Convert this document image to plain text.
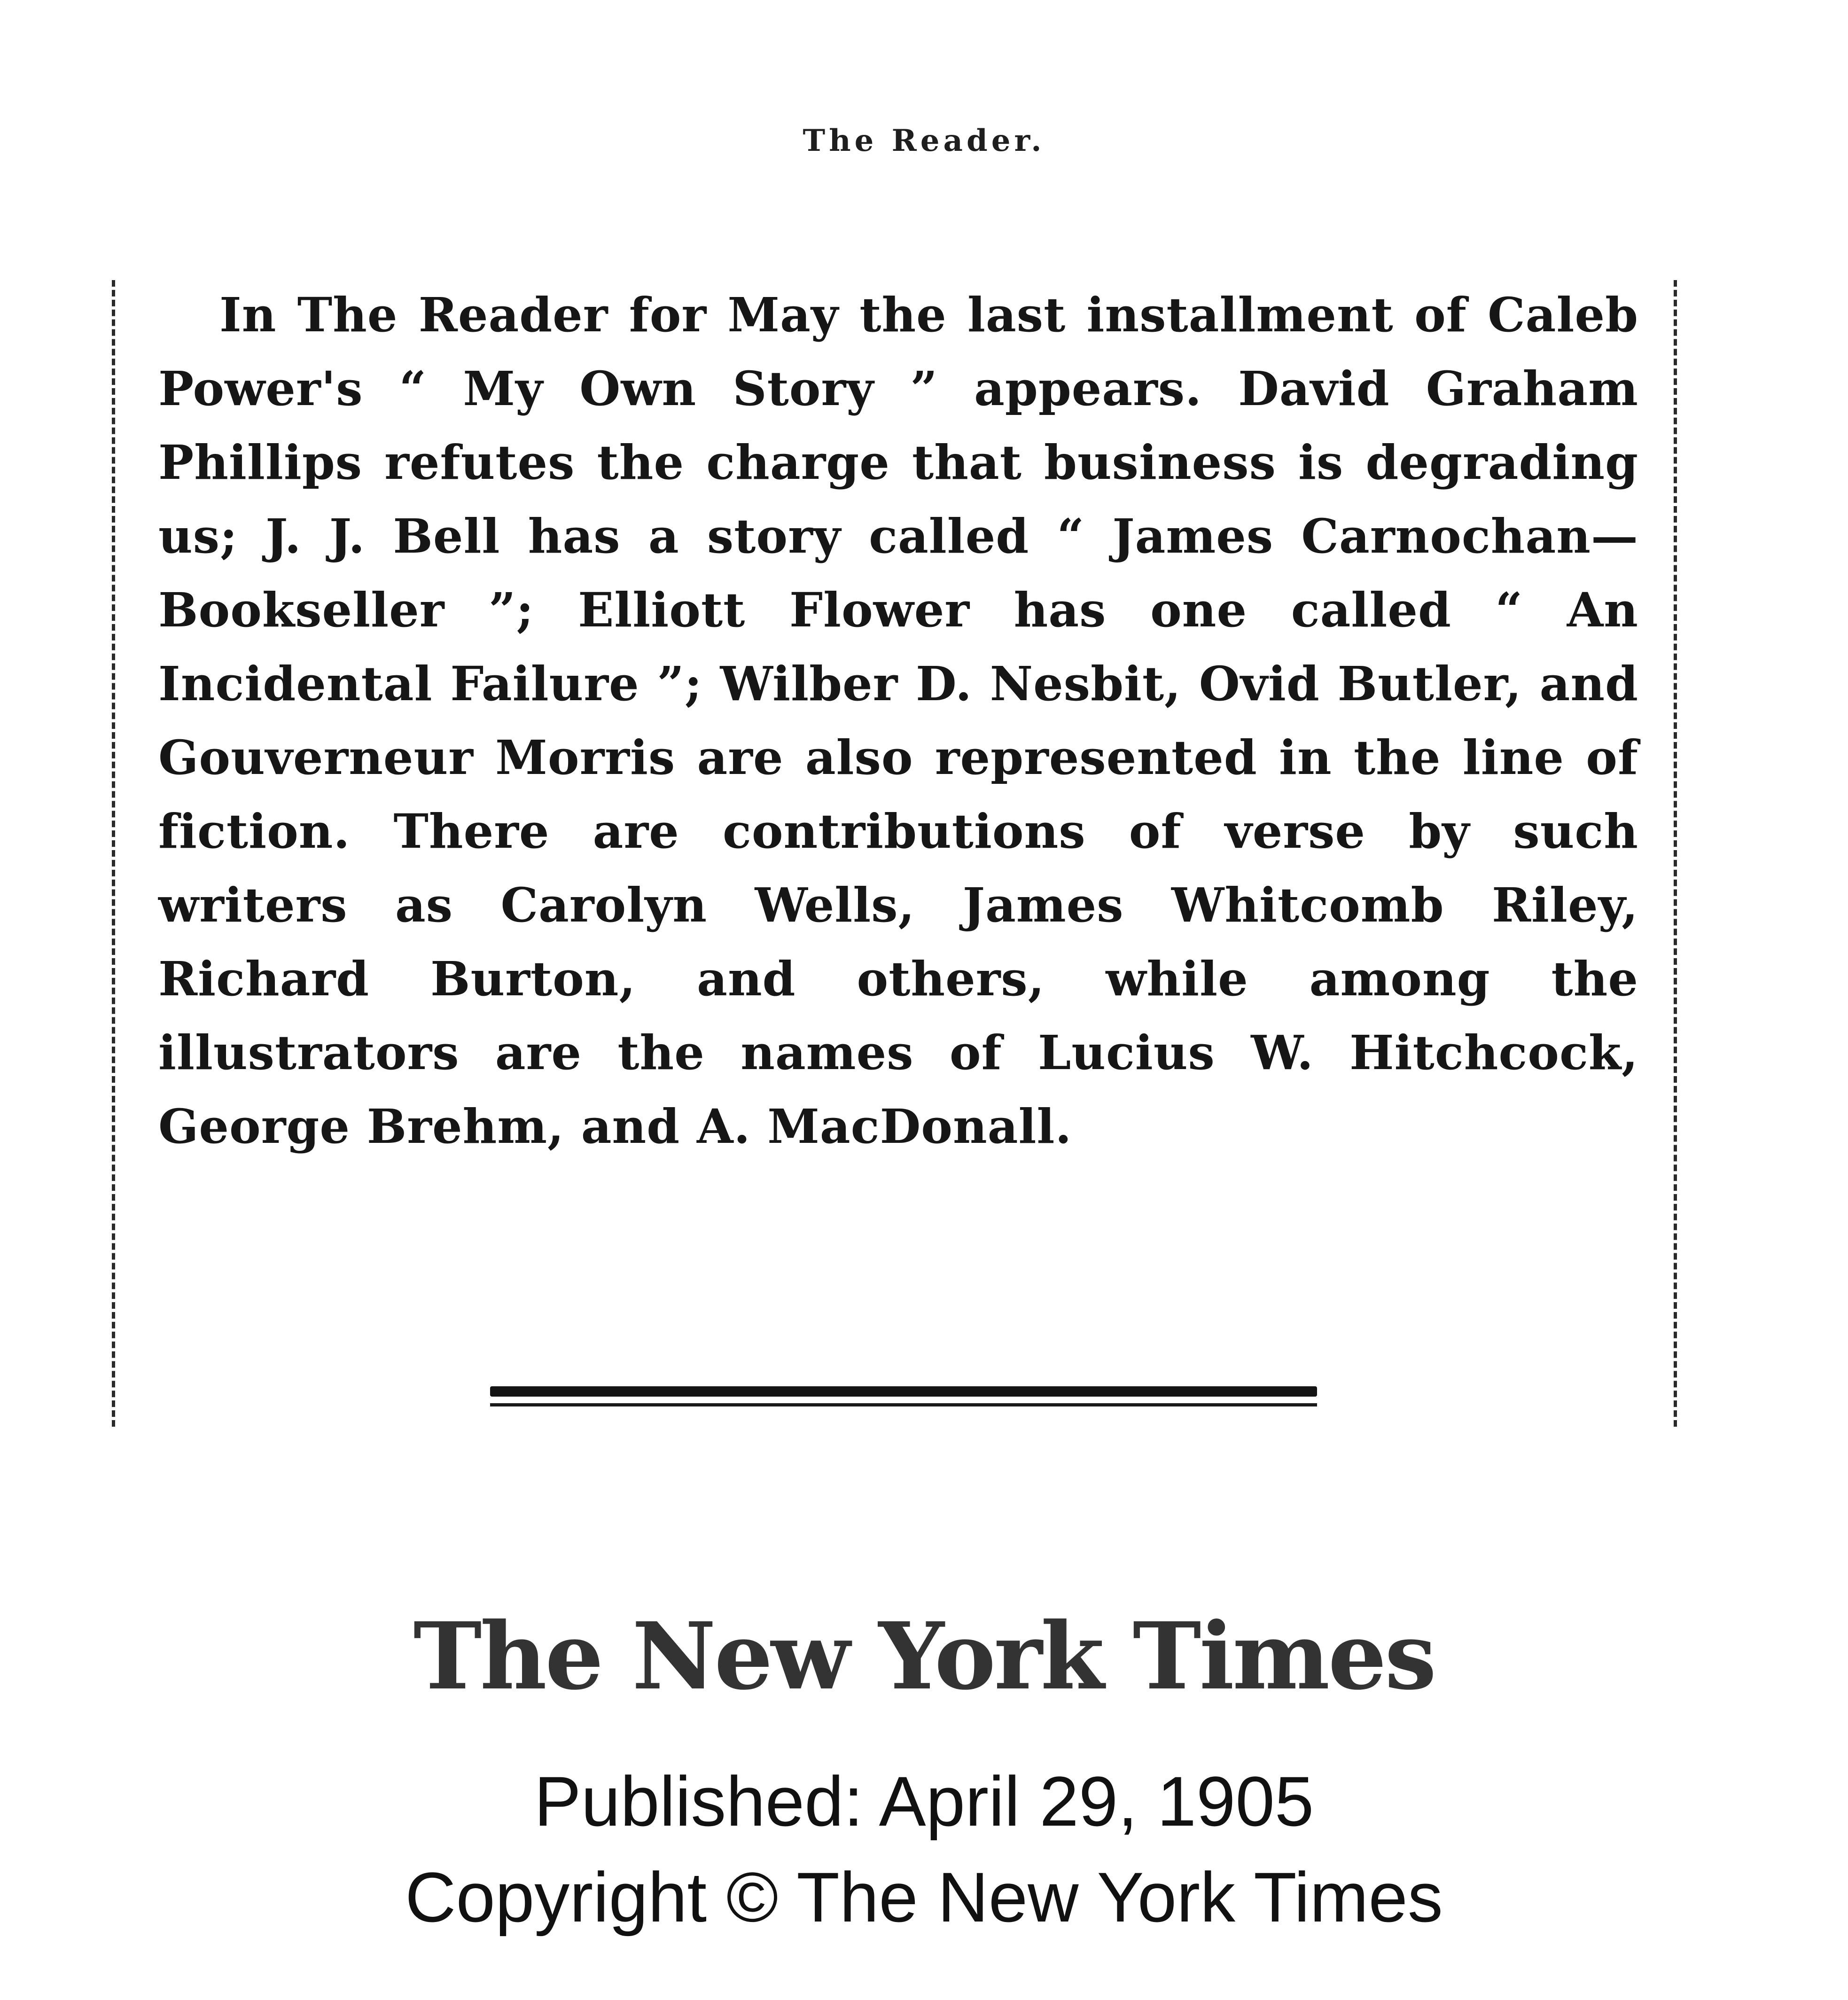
The Reader.

In The Reader for May the last installment of Caleb Power's “ My Own Story ” appears. David Graham Phillips refutes the charge that business is degrading us; J. J. Bell has a story called “ James Carnochan—Bookseller ”; Elliott Flower has one called “ An Incidental Failure ”; Wilber D. Nesbit, Ovid Butler, and Gouverneur Morris are also represented in the line of fiction. There are contributions of verse by such writers as Carolyn Wells, James Whitcomb Riley, Richard Burton, and others, while among the illustrators are the names of Lucius W. Hitchcock, George Brehm, and A. MacDonall.

The New York Times
Published: April 29, 1905
Copyright © The New York Times
